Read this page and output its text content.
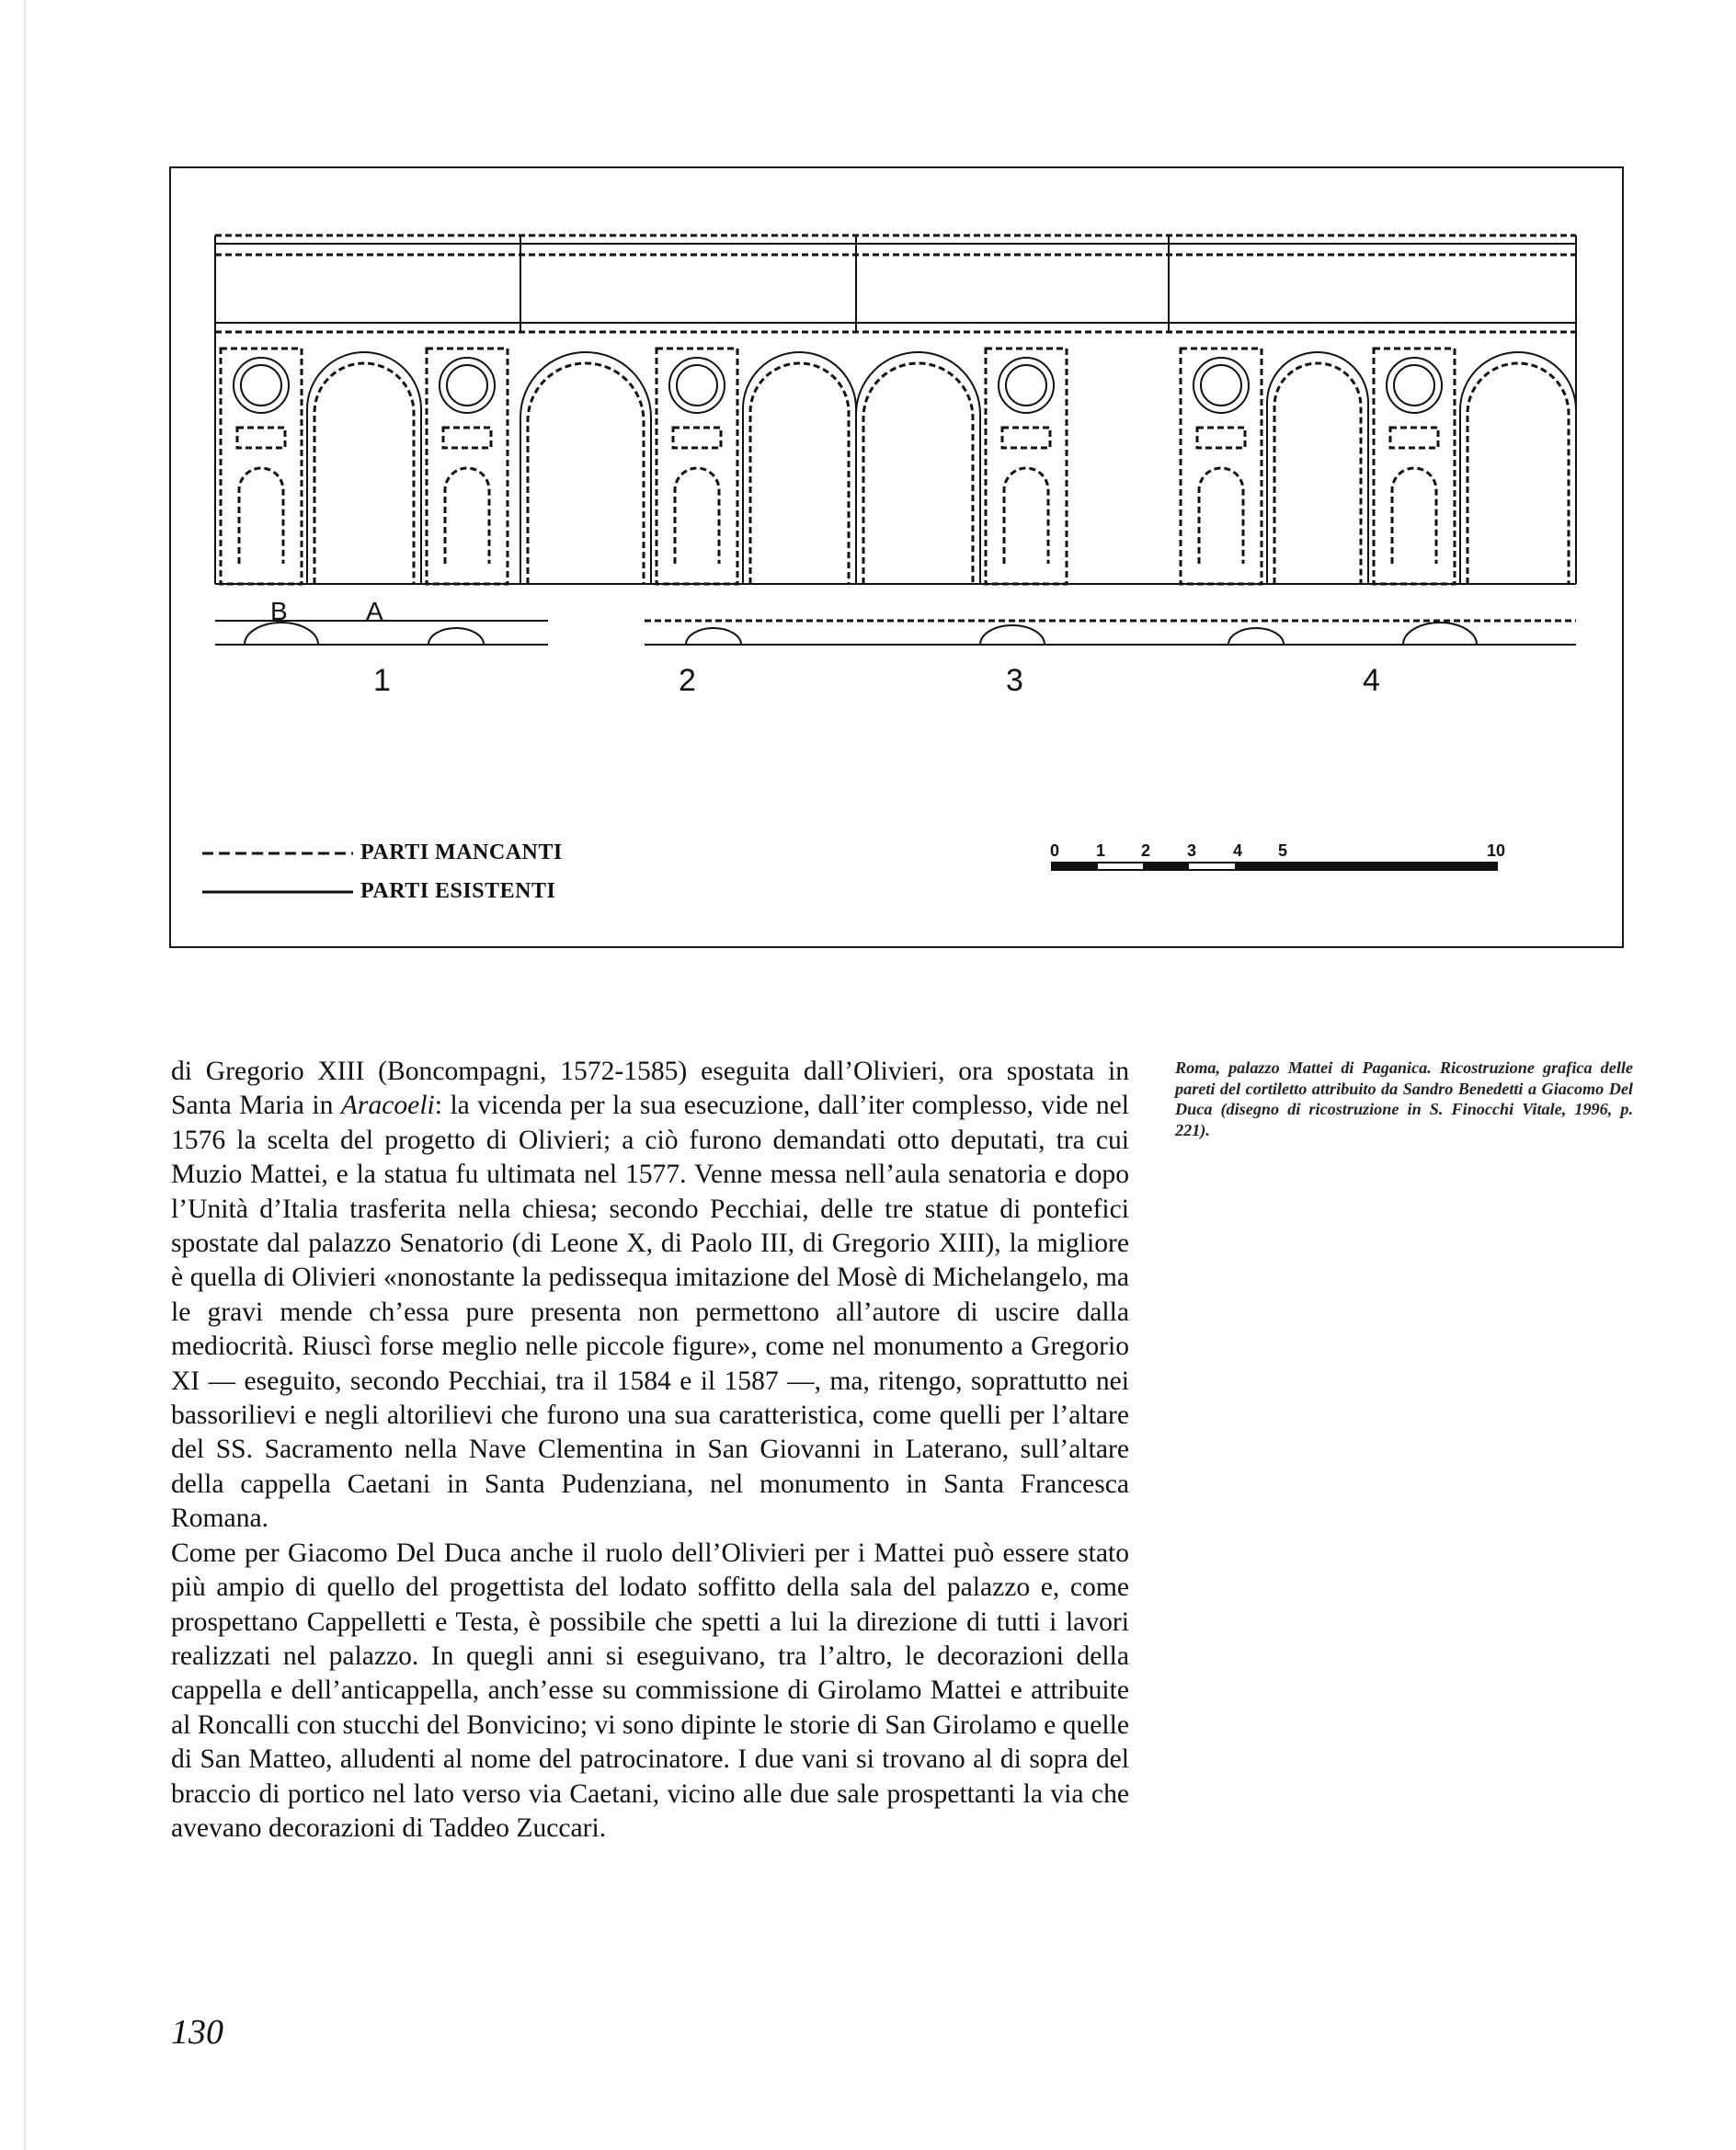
B	A
1	2	3	4
PARTI MANCANTI
PARTI ESISTENTI
0 1 2 3 4 5	10

di Gregorio XIII (Boncompagni, 1572-1585) eseguita dall’Olivieri, ora spostata in Santa Maria in Aracoeli: la vicenda per la sua esecuzione, dall’iter complesso, vide nel 1576 la scelta del progetto di Olivieri; a ciò furono demandati otto deputati, tra cui Muzio Mattei, e la statua fu ultimata nel 1577. Venne messa nell’aula senatoria e dopo l’Unità d’Italia trasferita nella chiesa; secondo Pecchiai, delle tre statue di pontefici spostate dal palazzo Senatorio (di Leone X, di Paolo III, di Gregorio XIII), la migliore è quella di Olivieri «nonostante la pedissequa imitazione del Mosè di Michelangelo, ma le gravi mende ch’essa pure presenta non permettono all’autore di uscire dalla mediocrità. Riuscì forse meglio nelle piccole figure», come nel monumento a Gregorio XI — eseguito, secondo Pecchiai, tra il 1584 e il 1587 —, ma, ritengo, soprattutto nei bassorilievi e negli altorilievi che furono una sua caratteristica, come quelli per l’altare del SS. Sacramento nella Nave Clementina in San Giovanni in Laterano, sull’altare della cappella Caetani in Santa Pudenziana, nel monumento in Santa Francesca Romana.

Come per Giacomo Del Duca anche il ruolo dell’Olivieri per i Mattei può essere stato più ampio di quello del progettista del lodato soffitto della sala del palazzo e, come prospettano Cappelletti e Testa, è possibile che spetti a lui la direzione di tutti i lavori realizzati nel palazzo. In quegli anni si eseguivano, tra l’altro, le decorazioni della cappella e dell’anticappella, anch’esse su commissione di Girolamo Mattei e attribuite al Roncalli con stucchi del Bonvicino; vi sono dipinte le storie di San Girolamo e quelle di San Matteo, alludenti al nome del patrocinatore. I due vani si trovano al di sopra del braccio di portico nel lato verso via Caetani, vicino alle due sale prospettanti la via che avevano decorazioni di Taddeo Zuccari.

Roma, palazzo Mattei di Paganica. Ricostruzione grafica delle pareti del cortiletto attribuito da Sandro Benedetti a Giacomo Del Duca (disegno di ricostruzione in S. Finocchi Vitale, 1996, p. 221).
130
